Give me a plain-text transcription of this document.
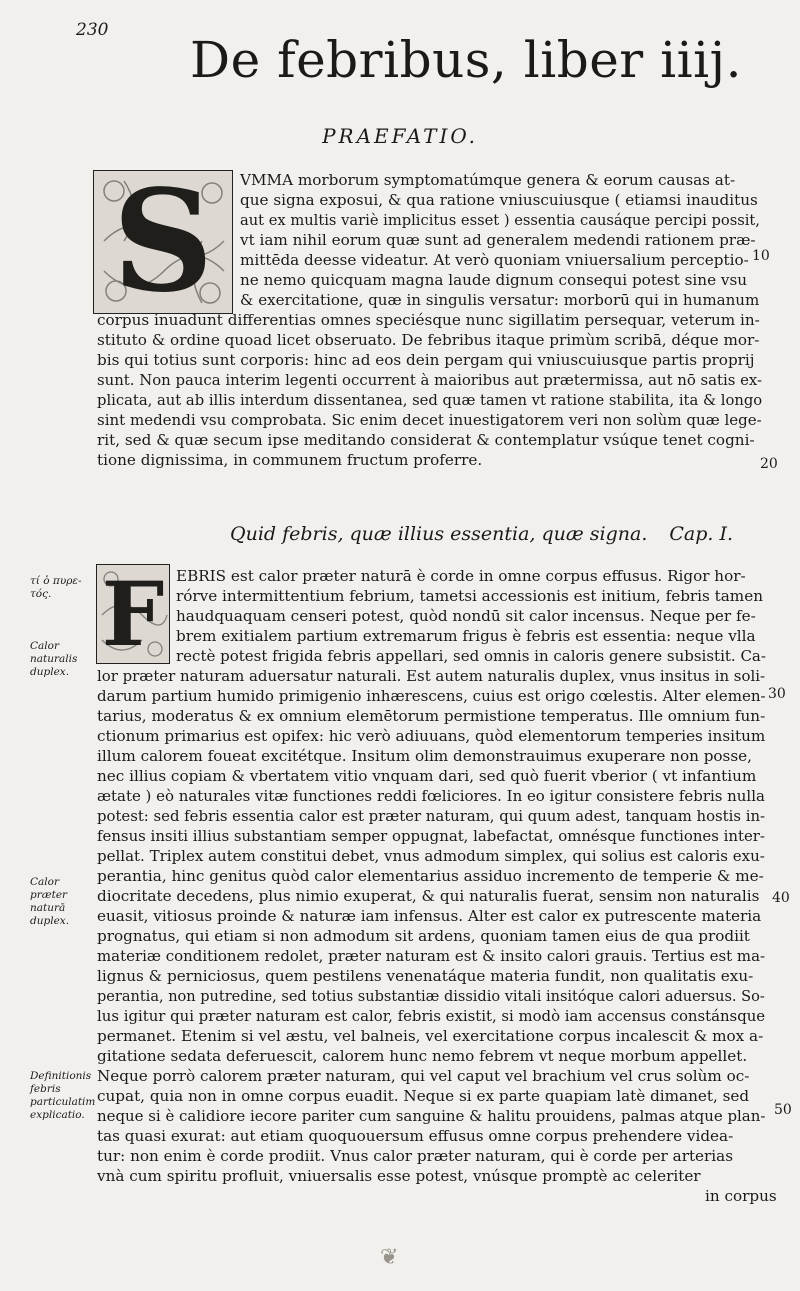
230
De febribus, liber iiij.
PRAEFATIO.
S VMMA morborum symptomatúmque genera & eorum causas at-
que signa exposui, & qua ratione vniuscuiusque ( etiamsi inauditus
aut ex multis variè implicitus esset ) essentia causáque percipi possit,
vt iam nihil eorum quæ sunt ad generalem medendi rationem præ-
mittēda deesse videatur. At verò quoniam vniuersalium perceptio-
ne nemo quicquam magna laude dignum consequi potest sine vsu
& exercitatione, quæ in singulis versatur: morborū qui in humanum
corpus inuadunt differentias omnes speciésque nunc sigillatim persequar, veterum in-
stituto & ordine quoad licet obseruato. De febribus itaque primùm scribā, déque mor-
bis qui totius sunt corporis: hinc ad eos dein pergam qui vniuscuiusque partis proprij
sunt. Non pauca interim legenti occurrent à maioribus aut prætermissa, aut nō satis ex-
plicata, aut ab illis interdum dissentanea, sed quæ tamen vt ratione stabilita, ita & longo
sint medendi vsu comprobata. Sic enim decet inuestigatorem veri non solùm quæ lege-
rit, sed & quæ secum ipse meditando considerat & contemplatur vsúque tenet cogni-
tione dignissima, in communem fructum proferre.
Quid febris, quæ illius essentia, quæ signa. Cap. I.
F EBRIS est calor præter naturā è corde in omne corpus effusus. Rigor hor-
rórve intermittentium febrium, tametsi accessionis est initium, febris tamen
haudquaquam censeri potest, quòd nondū sit calor incensus. Neque per fe-
brem exitialem partium extremarum frigus è febris est essentia: neque vlla
rectè potest frigida febris appellari, sed omnis in caloris genere subsistit. Ca-
lor præter naturam aduersatur naturali. Est autem naturalis duplex, vnus insitus in soli-
darum partium humido primigenio inhærescens, cuius est origo cœlestis. Alter elemen-
tarius, moderatus & ex omnium elemētorum permistione temperatus. Ille omnium fun-
ctionum primarius est opifex: hic verò adiuuans, quòd elementorum temperies insitum
illum calorem foueat excitétque. Insitum olim demonstrauimus exuperare non posse,
nec illius copiam & vbertatem vitio vnquam dari, sed quò fuerit vberior ( vt infantium
ætate ) eò naturales vitæ functiones reddi fœliciores. In eo igitur consistere febris nulla
potest: sed febris essentia calor est præter naturam, qui quum adest, tanquam hostis in-
fensus insiti illius substantiam semper oppugnat, labefactat, omnésque functiones inter-
pellat. Triplex autem constitui debet, vnus admodum simplex, qui solius est caloris exu-
perantia, hinc genitus quòd calor elementarius assiduo incremento de temperie & me-
diocritate decedens, plus nimio exuperat, & qui naturalis fuerat, sensim non naturalis
euasit, vitiosus proinde & naturæ iam infensus. Alter est calor ex putrescente materia
prognatus, qui etiam si non admodum sit ardens, quoniam tamen eius de qua prodiit
materiæ conditionem redolet, præter naturam est & insito calori grauis. Tertius est ma-
lignus & perniciosus, quem pestilens venenatáque materia fundit, non qualitatis exu-
perantia, non putredine, sed totius substantiæ dissidio vitali insitóque calori aduersus. So-
lus igitur qui præter naturam est calor, febris existit, si modò iam accensus constánsque
permanet. Etenim si vel æstu, vel balneis, vel exercitatione corpus incalescit & mox a-
gitatione sedata deferuescit, calorem hunc nemo febrem vt neque morbum appellet.
Neque porrò calorem præter naturam, qui vel caput vel brachium vel crus solùm oc-
cupat, quia non in omne corpus euadit. Neque si ex parte quapiam latè dimanet, sed
neque si è calidiore iecore pariter cum sanguine & halitu prouidens, palmas atque plan-
tas quasi exurat: aut etiam quoquouersum effusus omne corpus prehendere videa-
tur: non enim è corde prodiit. Vnus calor præter naturam, qui è corde per arterias
vnà cum spiritu profluit, vniuersalis esse potest, vnúsque promptè ac celeriter
in corpus
τί ὁ πυρε-τός.
Calor naturalis duplex.
Calor præter naturā duplex.
Definitionis febris particulatim explicatio.
10
20
30
40
50
❦
